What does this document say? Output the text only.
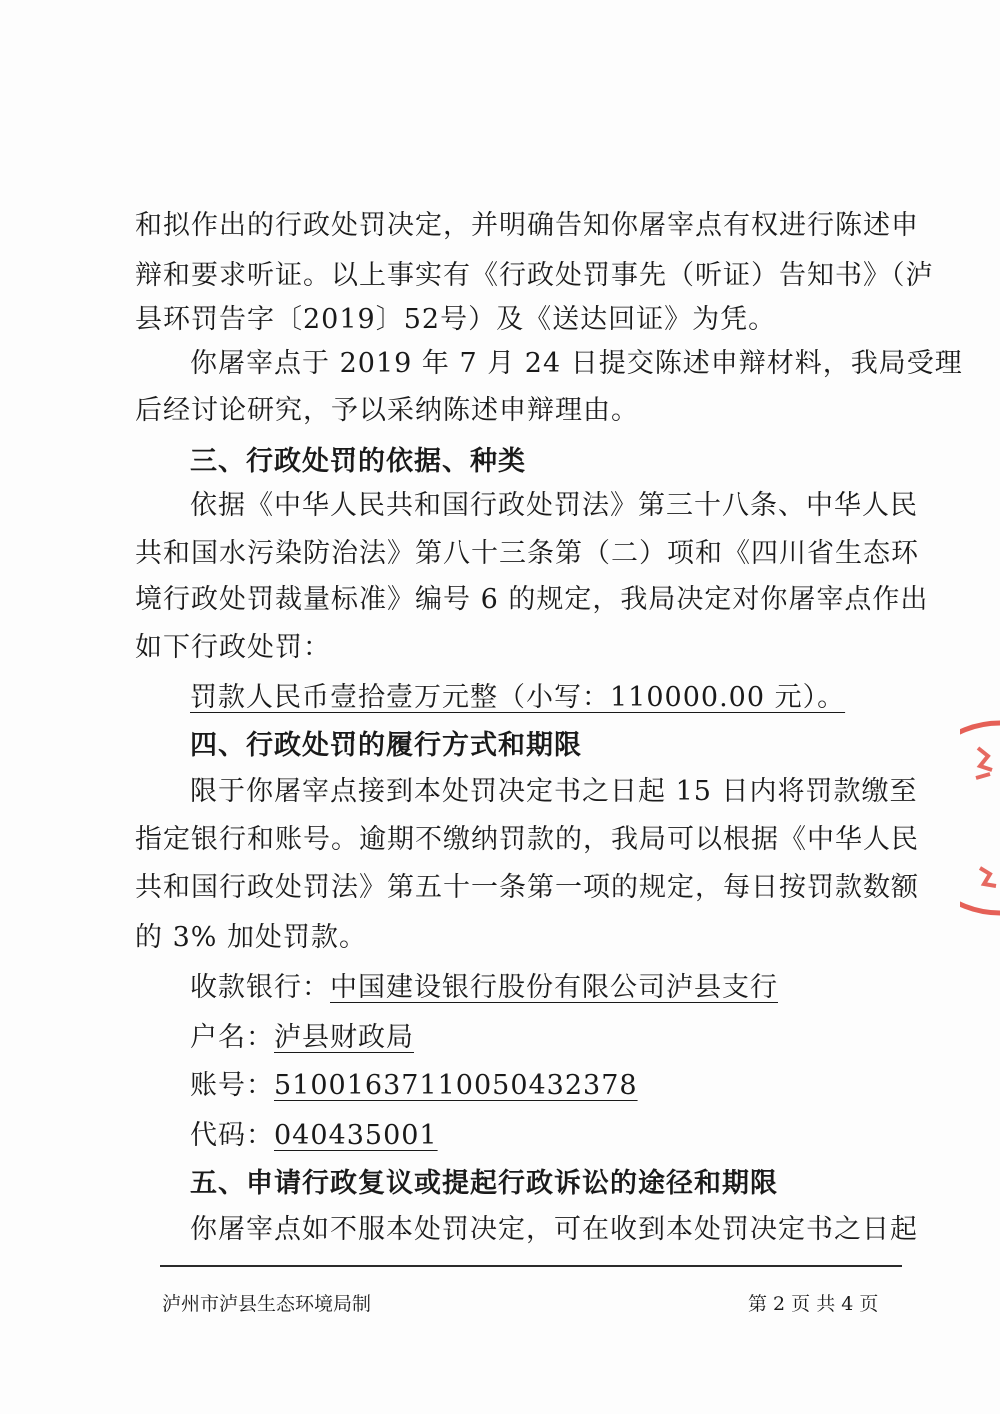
和拟作出的行政处罚决定，并明确告知你屠宰点有权进行陈述申
辩和要求听证。以上事实有《行政处罚事先（听证）告知书》（泸
县环罚告字〔2019〕52号）及《送达回证》为凭。
你屠宰点于 2019 年 7 月 24 日提交陈述申辩材料，我局受理
后经讨论研究，予以采纳陈述申辩理由。
三、行政处罚的依据、种类
依据《中华人民共和国行政处罚法》第三十八条、中华人民
共和国水污染防治法》第八十三条第（二）项和《四川省生态环
境行政处罚裁量标准》编号 6 的规定，我局决定对你屠宰点作出
如下行政处罚：
罚款人民币壹拾壹万元整（小写：110000.00 元）。
四、行政处罚的履行方式和期限
限于你屠宰点接到本处罚决定书之日起 15 日内将罚款缴至
指定银行和账号。逾期不缴纳罚款的，我局可以根据《中华人民
共和国行政处罚法》第五十一条第一项的规定，每日按罚款数额
的 3% 加处罚款。
收款银行：中国建设银行股份有限公司泸县支行
户名：泸县财政局
账号：51001637110050432378
代码：040435001
五、申请行政复议或提起行政诉讼的途径和期限
你屠宰点如不服本处罚决定，可在收到本处罚决定书之日起
泸州市泸县生态环境局制	第 2 页 共 4 页
